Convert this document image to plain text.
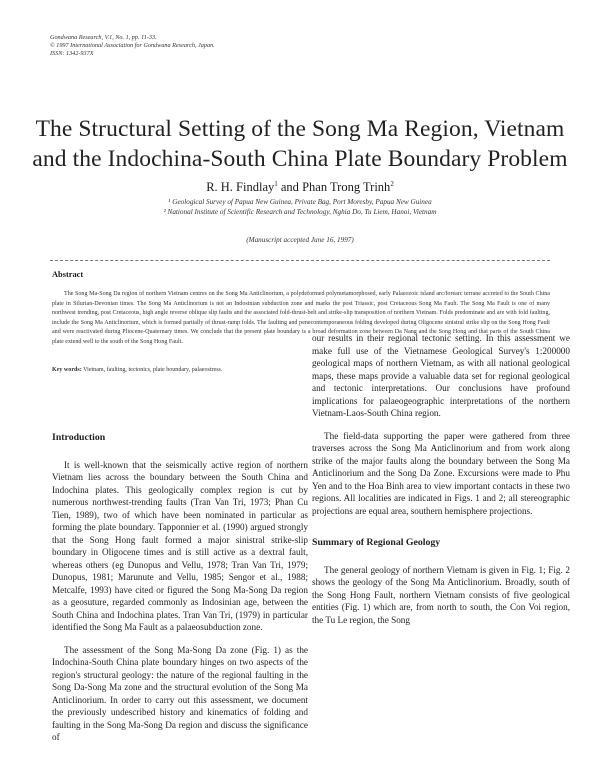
Gondwana Research, V.1, No. 1, pp. 11-33.
© 1997 International Association for Gondwana Research, Japan.
ISSN: 1342-937X
The Structural Setting of the Song Ma Region, Vietnam
and the Indochina-South China Plate Boundary Problem
R. H. Findlay$^1$ and Phan Trong Trinh$^2$
¹ Geological Survey of Papua New Guinea, Private Bag, Port Moresby, Papua New Guinea
² National Institute of Scientific Research and Technology, Nghia Do, Tu Liem, Hanoi, Vietnam
(Manuscript accepted June 16, 1997)
Abstract
The Song Ma-Song Da region of northern Vietnam centres on the Song Ma Anticlinorium, a polydeformed polymetamorphosed, early Palaeozoic island arc/forearc terrane accreted to the South China plate in Silurian-Devonian times. The Song Ma Anticlinorium is not an Indosinian subduction zone and marks the post Triassic, post Cretaceous Song Ma Fault. The Song Ma Fault is one of many northwest trending, post Cretaceous, high angle reverse oblique slip faults and the associated fold-thrust-belt and strike-slip transposition of northern Vietnam. Folds predominate and are with fold faulting, include the Song Ma Anticlinorium, which is formed partially of thrust-ramp folds. The faulting and penecontemporaneous folding developed during Oligocene sinistral strike slip on the Song Hong Fault and were reactivated during Pliocene-Quaternary times. We conclude that the present plate boundary is a broad deformation zone between Da Nang and the Song Hong and that parts of the South China plate extend well to the south of the Song Hong Fault.
Key words: Vietnam, faulting, tectonics, plate boundary, palaeostress.
Introduction

It is well-known that the seismically active region of northern Vietnam lies across the boundary between the South China and Indochina plates. This geologically complex region is cut by numerous northwest-trending faults (Tran Van Tri, 1973; Phan Cu Tien, 1989), two of which have been nominated in particular as forming the plate boundary. Tapponnier et al. (1990) argued strongly that the Song Hong fault formed a major sinistral strike-slip boundary in Oligocene times and is still active as a dextral fault, whereas others (eg Dunopus and Vellu, 1978; Tran Van Tri, 1979; Dunopus, 1981; Marunute and Vellu, 1985; Sengor et al., 1988; Metcalfe, 1993) have cited or figured the Song Ma-Song Da region as a geosuture, regarded commonly as Indosinian age, between the South China and Indochina plates. Tran Van Tri, (1979) in particular identified the Song Ma Fault as a palaeosubduction zone.

The assessment of the Song Ma-Song Da zone (Fig. 1) as the Indochina-South China plate boundary hinges on two aspects of the region's structural geology: the nature of the regional faulting in the Song Da-Song Ma zone and the structural evolution of the Song Ma Anticlinorium. In order to carry out this assessment, we document the previously undescribed history and kinematics of folding and faulting in the Song Ma-Song Da region and discuss the significance of

our results in their regional tectonic setting. In this assessment we make full use of the Vietnamese Geological Survey's 1:200000 geological maps of northern Vietnam, as with all national geological maps, these maps provide a valuable data set for regional geological and tectonic interpretations. Our conclusions have profound implications for palaeogeographic interpretations of the northern Vietnam-Laos-South China region.

The field-data supporting the paper were gathered from three traverses across the Song Ma Anticlinorium and from work along strike of the major faults along the boundary between the Song Ma Anticlinorium and the Song Da Zone. Excursions were made to Phu Yen and to the Hoa Binh area to view important contacts in these two regions. All localities are indicated in Figs. 1 and 2; all stereographic projections are equal area, southern hemisphere projections.

Summary of Regional Geology

The general geology of northern Vietnam is given in Fig. 1; Fig. 2 shows the geology of the Song Ma Anticlinorium. Broadly, south of the Song Hong Fault, northern Vietnam consists of five geological entities (Fig. 1) which are, from north to south, the Con Voi region, the Tu Le region, the Song
